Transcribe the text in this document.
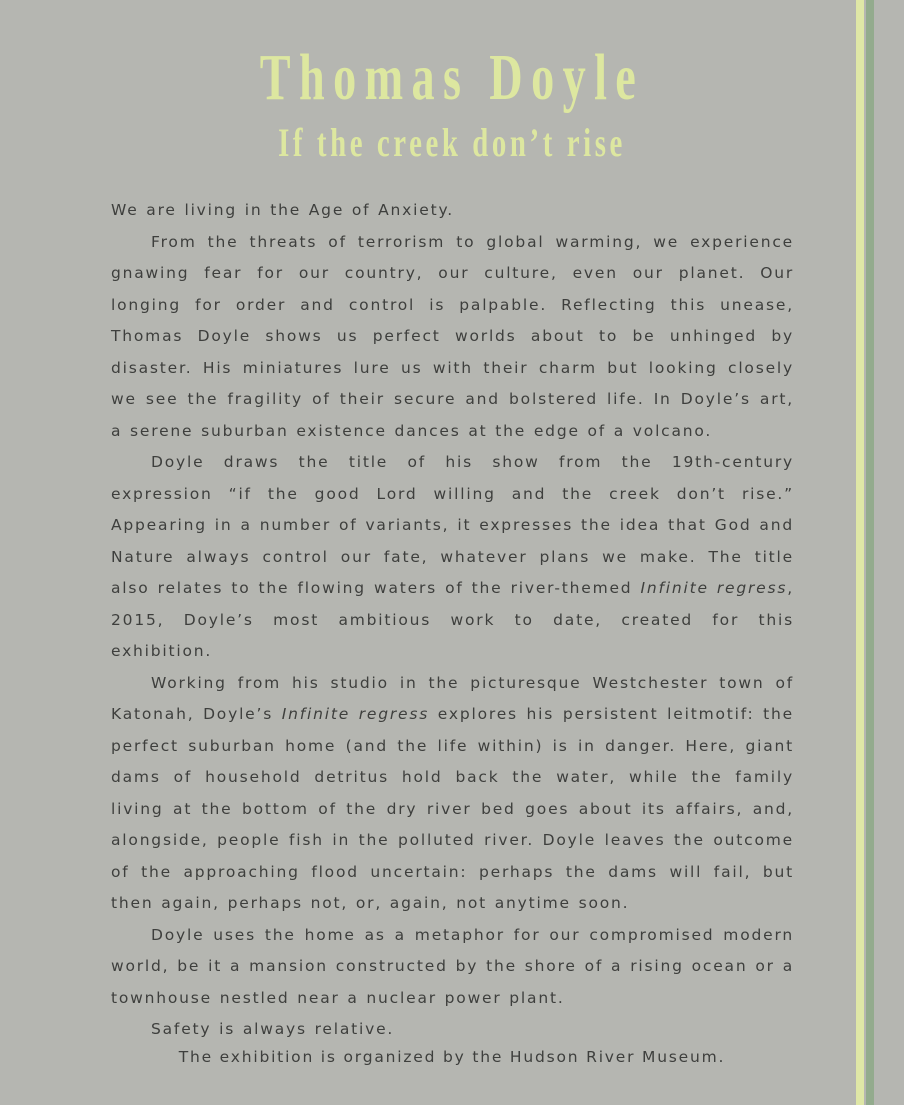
Thomas Doyle
If the creek don’t rise

We are living in the Age of Anxiety.

From the threats of terrorism to global warming, we experience gnawing fear for our country, our culture, even our planet. Our longing for order and control is palpable. Reflecting this unease, Thomas Doyle shows us perfect worlds about to be unhinged by disaster. His miniatures lure us with their charm but looking closely we see the fragility of their secure and bolstered life. In Doyle’s art, a serene suburban existence dances at the edge of a volcano.

Doyle draws the title of his show from the 19th-century expression “if the good Lord willing and the creek don’t rise.” Appearing in a number of variants, it expresses the idea that God and Nature always control our fate, whatever plans we make. The title also relates to the flowing waters of the river-themed Infinite regress, 2015, Doyle’s most ambitious work to date, created for this exhibition.

Working from his studio in the picturesque Westchester town of Katonah, Doyle’s Infinite regress explores his persistent leitmotif: the perfect suburban home (and the life within) is in danger. Here, giant dams of household detritus hold back the water, while the family living at the bottom of the dry river bed goes about its affairs, and, alongside, people fish in the polluted river. Doyle leaves the outcome of the approaching flood uncertain: perhaps the dams will fail, but then again, perhaps not, or, again, not anytime soon.

Doyle uses the home as a metaphor for our compromised modern world, be it a mansion constructed by the shore of a rising ocean or a townhouse nestled near a nuclear power plant.

Safety is always relative.

The exhibition is organized by the Hudson River Museum.
